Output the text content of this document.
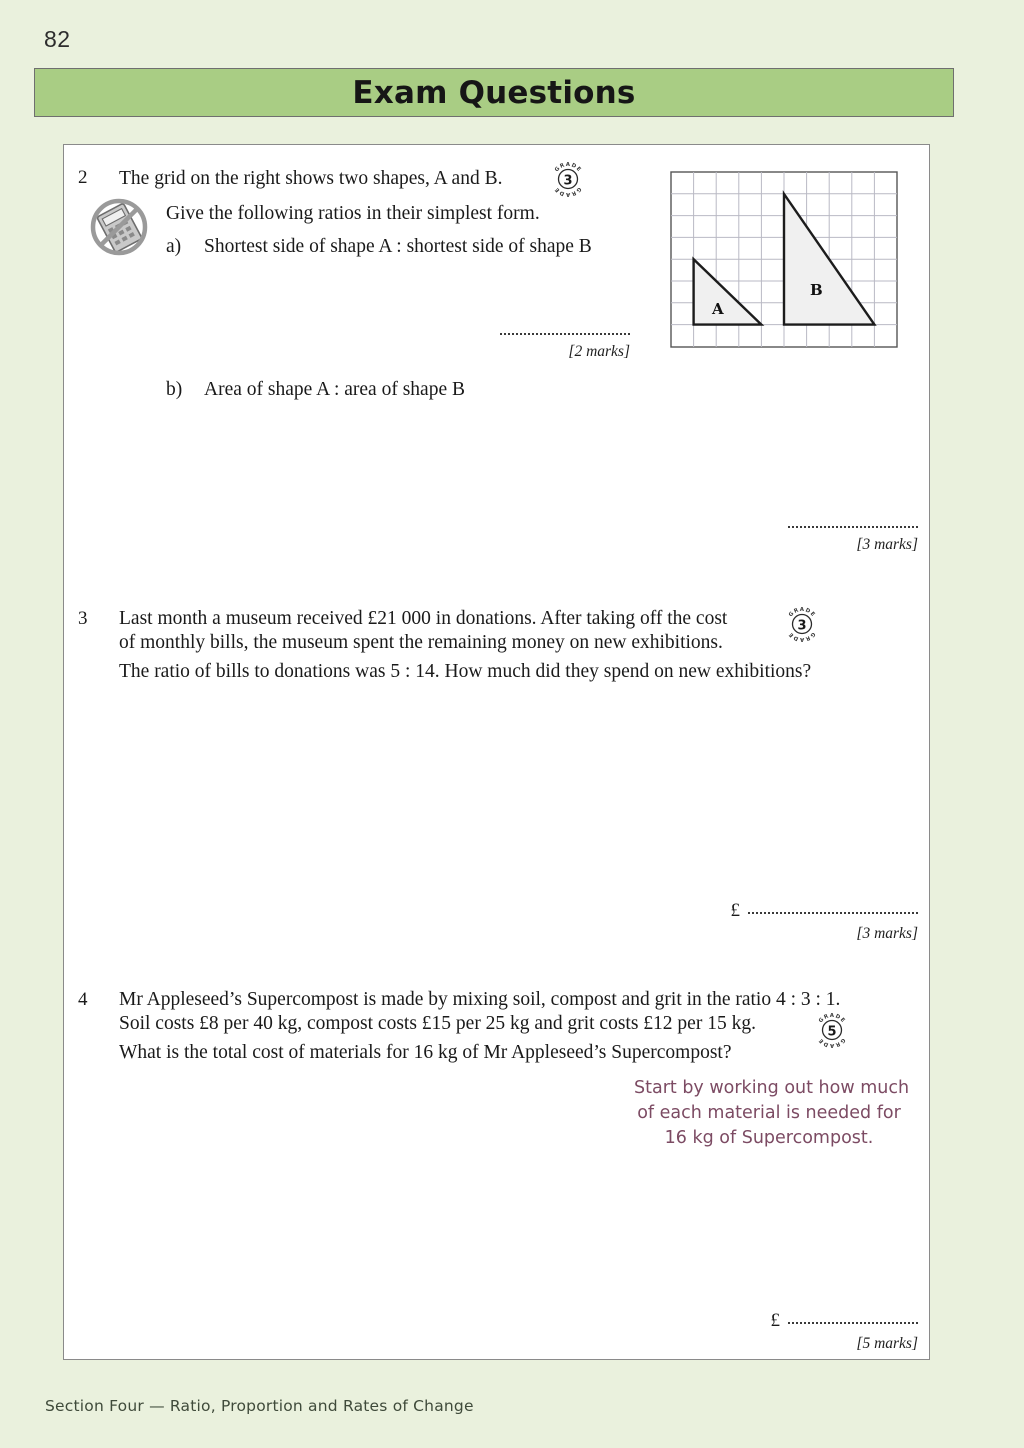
82
Exam Questions
2 The grid on the right shows two shapes, A and B.
Give the following ratios in their simplest form.
a) Shortest side of shape A : shortest side of shape B
b) Area of shape A : area of shape B
3
GRADE
GRADE
A
B
[2 marks]
[3 marks]
3 Last month a museum received £21 000 in donations. After taking off the cost
of monthly bills, the museum spent the remaining money on new exhibitions.
The ratio of bills to donations was 5 : 14. How much did they spend on new exhibitions?
3
GRADE
GRADE
£
[3 marks]
4 Mr Appleseed’s Supercompost is made by mixing soil, compost and grit in the ratio 4 : 3 : 1.
Soil costs £8 per 40 kg, compost costs £15 per 25 kg and grit costs £12 per 15 kg.
What is the total cost of materials for 16 kg of Mr Appleseed’s Supercompost?
5
GRADE
GRADE
Start by working out how much
of each material is needed for
16 kg of Supercompost.
£
[5 marks]
Section Four — Ratio, Proportion and Rates of Change
